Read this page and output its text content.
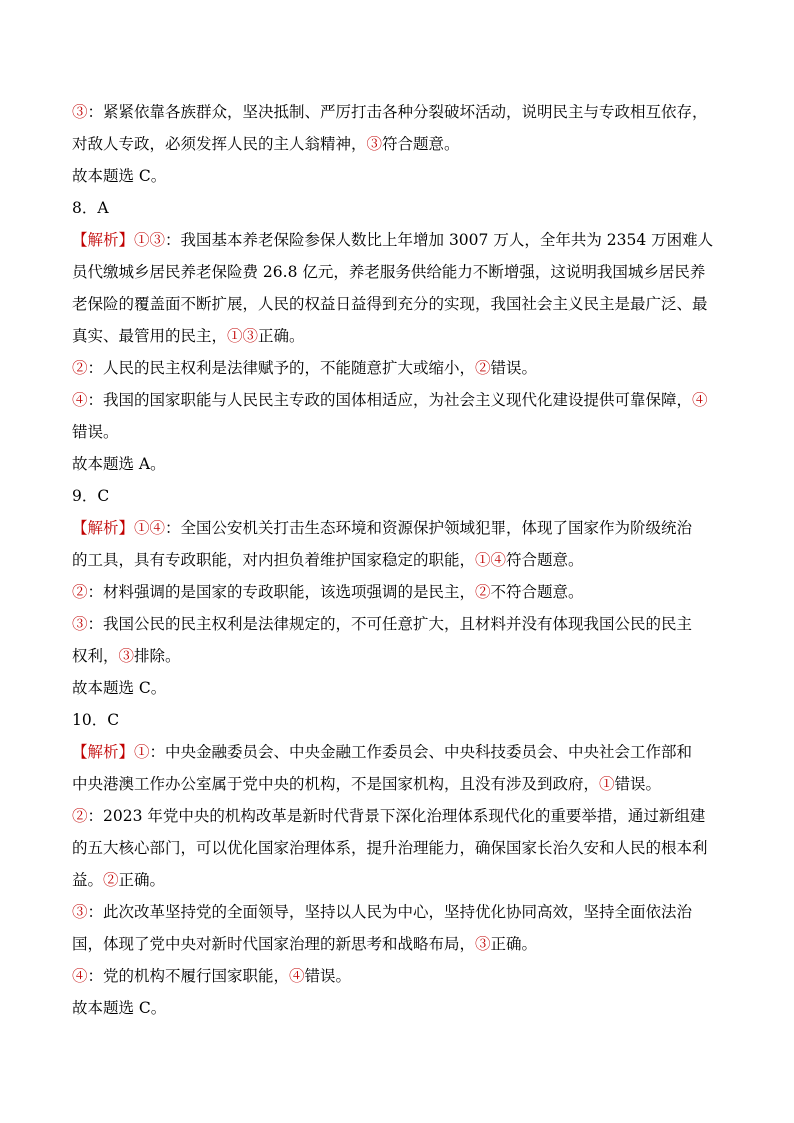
③：紧紧依靠各族群众，坚决抵制、严厉打击各种分裂破坏活动，说明民主与专政相互依存，
对敌人专政，必须发挥人民的主人翁精神，③符合题意。
故本题选 C。
8．A
【解析】①③：我国基本养老保险参保人数比上年增加 3007 万人，全年共为 2354 万困难人
员代缴城乡居民养老保险费 26.8 亿元，养老服务供给能力不断增强，这说明我国城乡居民养
老保险的覆盖面不断扩展，人民的权益日益得到充分的实现，我国社会主义民主是最广泛、最
真实、最管用的民主，①③正确。
②：人民的民主权利是法律赋予的，不能随意扩大或缩小，②错误。
④：我国的国家职能与人民民主专政的国体相适应，为社会主义现代化建设提供可靠保障，④
错误。
故本题选 A。
9．C
【解析】①④：全国公安机关打击生态环境和资源保护领域犯罪，体现了国家作为阶级统治
的工具，具有专政职能，对内担负着维护国家稳定的职能，①④符合题意。
②：材料强调的是国家的专政职能，该选项强调的是民主，②不符合题意。
③：我国公民的民主权利是法律规定的，不可任意扩大，且材料并没有体现我国公民的民主
权利，③排除。
故本题选 C。
10．C
【解析】①：中央金融委员会、中央金融工作委员会、中央科技委员会、中央社会工作部和
中央港澳工作办公室属于党中央的机构，不是国家机构，且没有涉及到政府，①错误。
②：2023 年党中央的机构改革是新时代背景下深化治理体系现代化的重要举措，通过新组建
的五大核心部门，可以优化国家治理体系，提升治理能力，确保国家长治久安和人民的根本利
益。②正确。
③：此次改革坚持党的全面领导，坚持以人民为中心，坚持优化协同高效，坚持全面依法治
国，体现了党中央对新时代国家治理的新思考和战略布局，③正确。
④：党的机构不履行国家职能，④错误。
故本题选 C。
